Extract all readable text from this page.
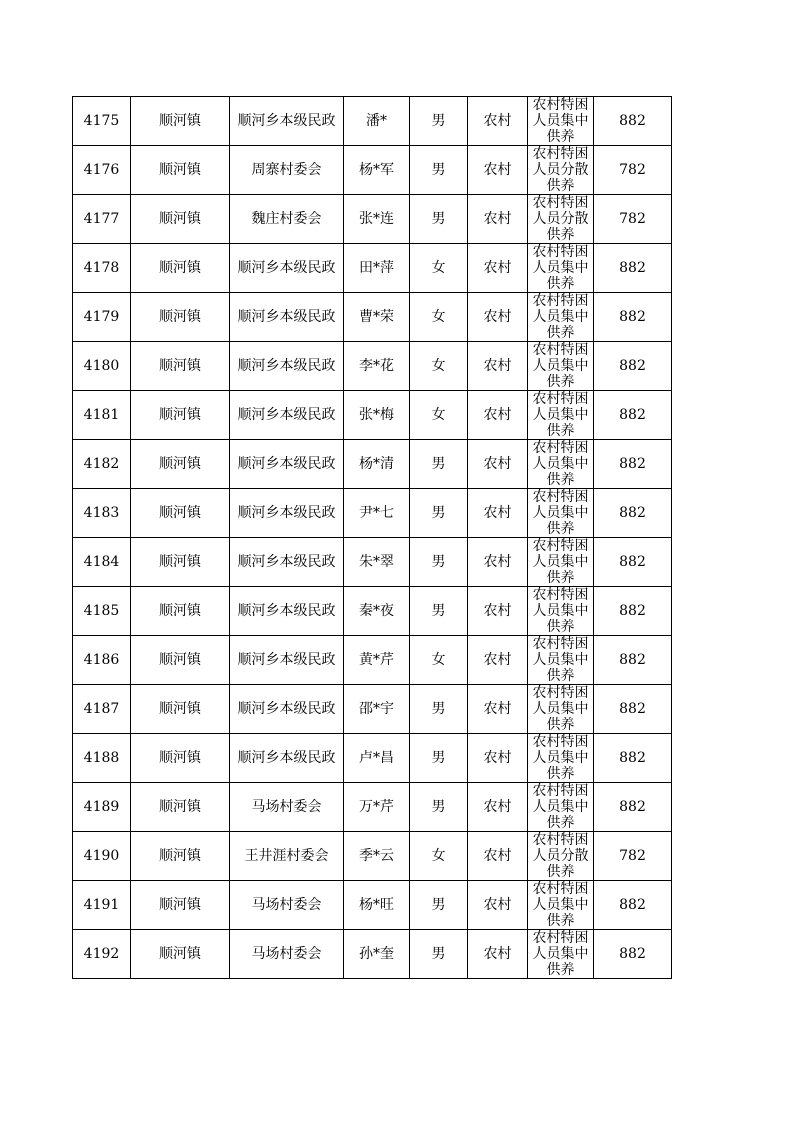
4175	顺河镇	顺河乡本级民政	潘*	男	农村	农村特困人员集中供养	882
4176	顺河镇	周寨村委会	杨*军	男	农村	农村特困人员分散供养	782
4177	顺河镇	魏庄村委会	张*连	男	农村	农村特困人员分散供养	782
4178	顺河镇	顺河乡本级民政	田*萍	女	农村	农村特困人员集中供养	882
4179	顺河镇	顺河乡本级民政	曹*荣	女	农村	农村特困人员集中供养	882
4180	顺河镇	顺河乡本级民政	李*花	女	农村	农村特困人员集中供养	882
4181	顺河镇	顺河乡本级民政	张*梅	女	农村	农村特困人员集中供养	882
4182	顺河镇	顺河乡本级民政	杨*清	男	农村	农村特困人员集中供养	882
4183	顺河镇	顺河乡本级民政	尹*七	男	农村	农村特困人员集中供养	882
4184	顺河镇	顺河乡本级民政	朱*翠	男	农村	农村特困人员集中供养	882
4185	顺河镇	顺河乡本级民政	秦*夜	男	农村	农村特困人员集中供养	882
4186	顺河镇	顺河乡本级民政	黄*芹	女	农村	农村特困人员集中供养	882
4187	顺河镇	顺河乡本级民政	邵*宇	男	农村	农村特困人员集中供养	882
4188	顺河镇	顺河乡本级民政	卢*昌	男	农村	农村特困人员集中供养	882
4189	顺河镇	马场村委会	万*芹	男	农村	农村特困人员集中供养	882
4190	顺河镇	王井涯村委会	季*云	女	农村	农村特困人员分散供养	782
4191	顺河镇	马场村委会	杨*旺	男	农村	农村特困人员集中供养	882
4192	顺河镇	马场村委会	孙*奎	男	农村	农村特困人员集中供养	882
